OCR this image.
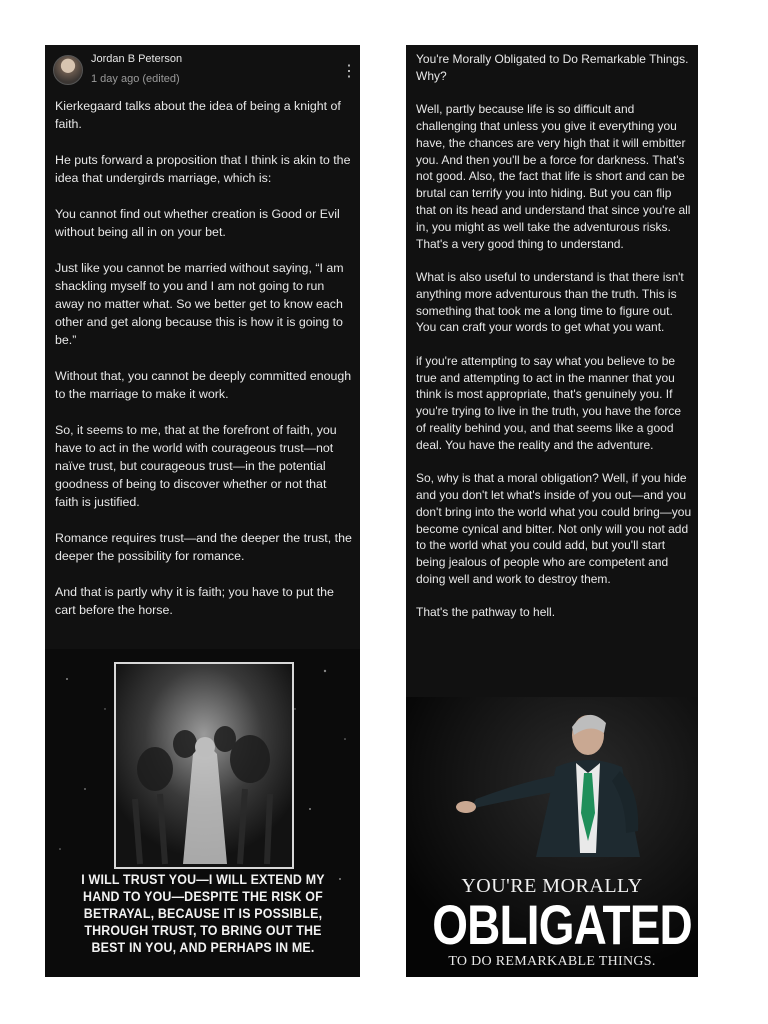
Jordan B Peterson
1 day ago (edited)	⋮

Kierkegaard talks about the idea of being a knight of faith.

He puts forward a proposition that I think is akin to the idea that undergirds marriage, which is:

You cannot find out whether creation is Good or Evil without being all in on your bet.

Just like you cannot be married without saying, “I am shackling myself to you and I am not going to run away no matter what. So we better get to know each other and get along because this is how it is going to be.”

Without that, you cannot be deeply committed enough to the marriage to make it work.

So, it seems to me, that at the forefront of faith, you have to act in the world with courageous trust—not naïve trust, but courageous trust—in the potential goodness of being to discover whether or not that faith is justified.

Romance requires trust—and the deeper the trust, the deeper the possibility for romance.

And that is partly why it is faith; you have to put the cart before the horse.

I WILL TRUST YOU—I WILL EXTEND MY HAND TO YOU—DESPITE THE RISK OF BETRAYAL, BECAUSE IT IS POSSIBLE, THROUGH TRUST, TO BRING OUT THE BEST IN YOU, AND PERHAPS IN ME.

You're Morally Obligated to Do Remarkable Things. Why?

Well, partly because life is so difficult and challenging that unless you give it everything you have, the chances are very high that it will embitter you. And then you'll be a force for darkness. That's not good. Also, the fact that life is short and can be brutal can terrify you into hiding. But you can flip that on its head and understand that since you're all in, you might as well take the adventurous risks. That's a very good thing to understand.

What is also useful to understand is that there isn't anything more adventurous than the truth. This is something that took me a long time to figure out. You can craft your words to get what you want.

if you're attempting to say what you believe to be true and attempting to act in the manner that you think is most appropriate, that's genuinely you. If you're trying to live in the truth, you have the force of reality behind you, and that seems like a good deal. You have the reality and the adventure.

So, why is that a moral obligation? Well, if you hide and you don't let what's inside of you out—and you don't bring into the world what you could bring—you become cynical and bitter. Not only will you not add to the world what you could add, but you'll start being jealous of people who are competent and doing well and work to destroy them.

That's the pathway to hell.

YOU'RE MORALLY
OBLIGATED
TO DO REMARKABLE THINGS.
